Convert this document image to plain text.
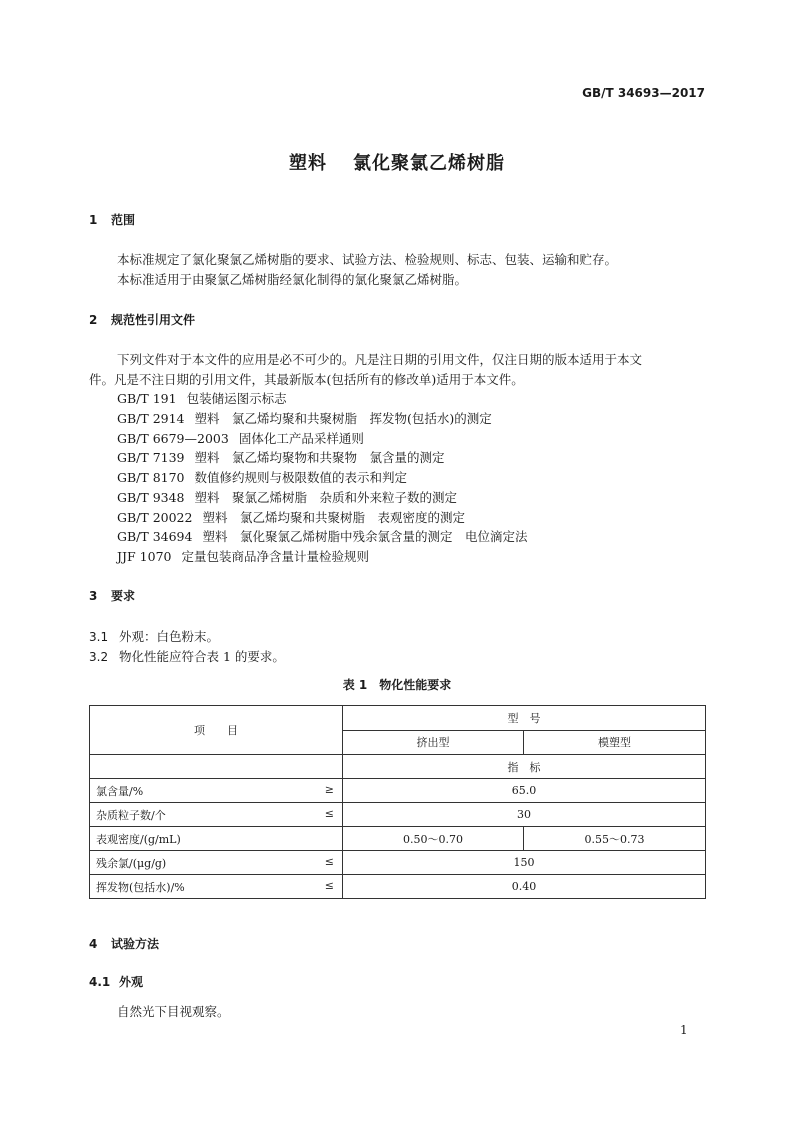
GB/T 34693—2017
塑料 氯化聚氯乙烯树脂
1 范围
本标准规定了氯化聚氯乙烯树脂的要求、试验方法、检验规则、标志、包装、运输和贮存。
本标准适用于由聚氯乙烯树脂经氯化制得的氯化聚氯乙烯树脂。
2 规范性引用文件
下列文件对于本文件的应用是必不可少的。凡是注日期的引用文件，仅注日期的版本适用于本文
件。凡是不注日期的引用文件，其最新版本(包括所有的修改单)适用于本文件。
GB/T 191 包装储运图示标志
GB/T 2914 塑料　氯乙烯均聚和共聚树脂　挥发物(包括水)的测定
GB/T 6679—2003 固体化工产品采样通则
GB/T 7139 塑料　氯乙烯均聚物和共聚物　氯含量的测定
GB/T 8170 数值修约规则与极限数值的表示和判定
GB/T 9348 塑料　聚氯乙烯树脂　杂质和外来粒子数的测定
GB/T 20022 塑料　氯乙烯均聚和共聚树脂　表观密度的测定
GB/T 34694 塑料　氯化聚氯乙烯树脂中残余氯含量的测定　电位滴定法
JJF 1070 定量包装商品净含量计量检验规则
3 要求
3.1 外观：白色粉末。
3.2 物化性能应符合表 1 的要求。
表 1　物化性能要求
项　　目	型　号	
	挤出型	模塑型
	指　标	
氯含量/% ≥	65.0	
杂质粒子数/个 ≤	30	
表观密度/(g/mL)	0.50～0.70	0.55～0.73
残余氯/(μg/g) ≤	150	
挥发物(包括水)/% ≤	0.40	
4 试验方法
4.1 外观
自然光下目视观察。
1
